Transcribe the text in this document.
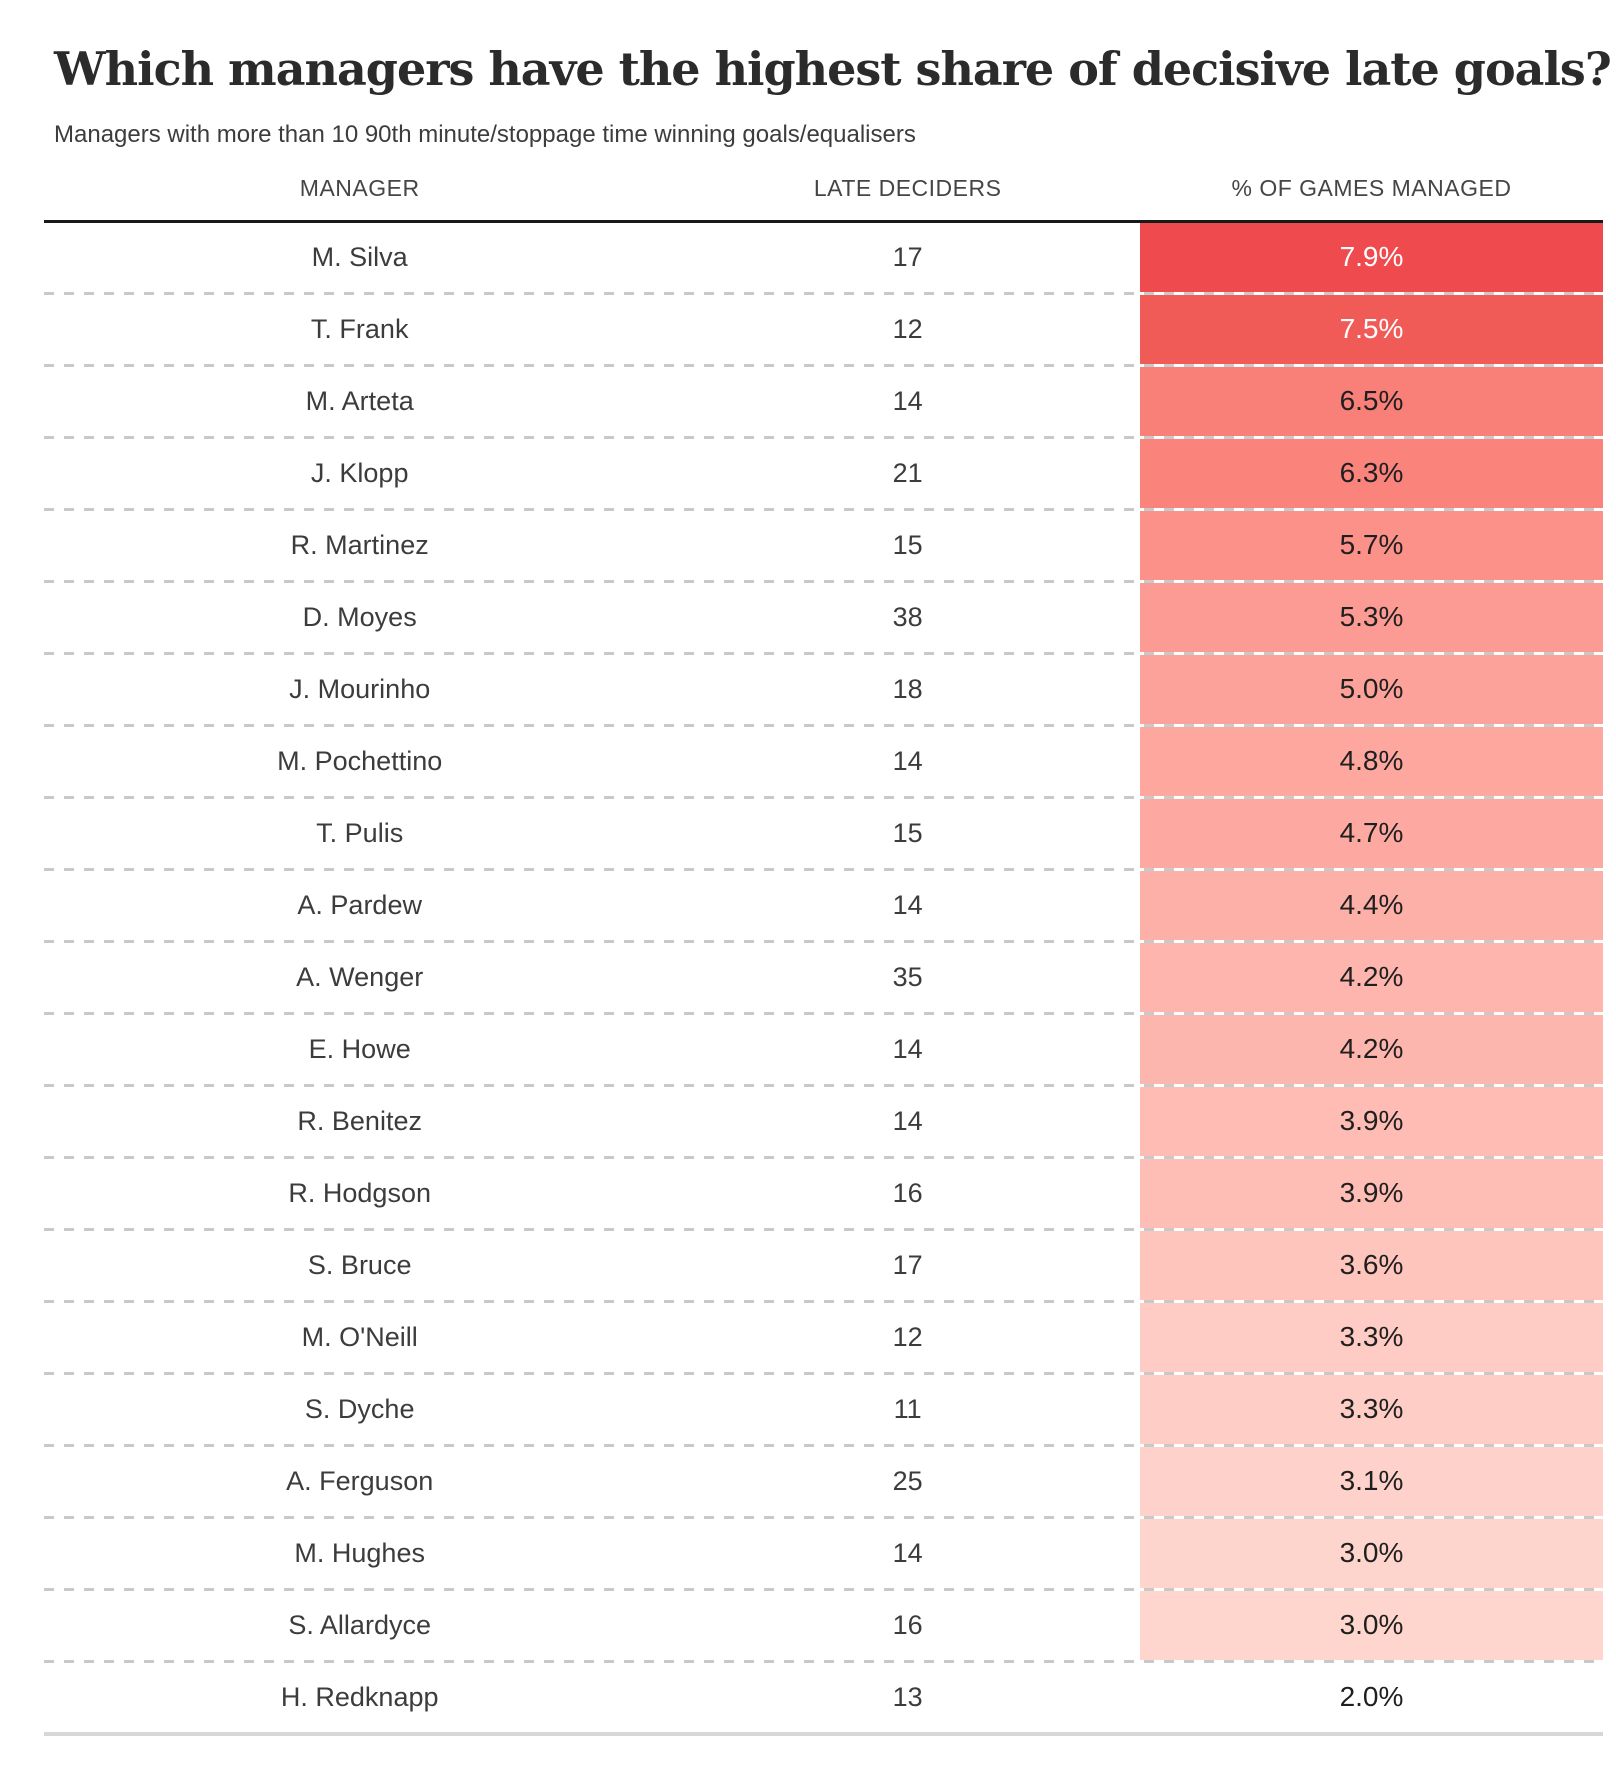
Which managers have the highest share of decisive late goals?

Managers with more than 10 90th minute/stoppage time winning goals/equalisers

MANAGER	LATE DECIDERS	% OF GAMES MANAGED
M. Silva	17	7.9%
T. Frank	12	7.5%
M. Arteta	14	6.5%
J. Klopp	21	6.3%
R. Martinez	15	5.7%
D. Moyes	38	5.3%
J. Mourinho	18	5.0%
M. Pochettino	14	4.8%
T. Pulis	15	4.7%
A. Pardew	14	4.4%
A. Wenger	35	4.2%
E. Howe	14	4.2%
R. Benitez	14	3.9%
R. Hodgson	16	3.9%
S. Bruce	17	3.6%
M. O'Neill	12	3.3%
S. Dyche	11	3.3%
A. Ferguson	25	3.1%
M. Hughes	14	3.0%
S. Allardyce	16	3.0%
H. Redknapp	13	2.0%
